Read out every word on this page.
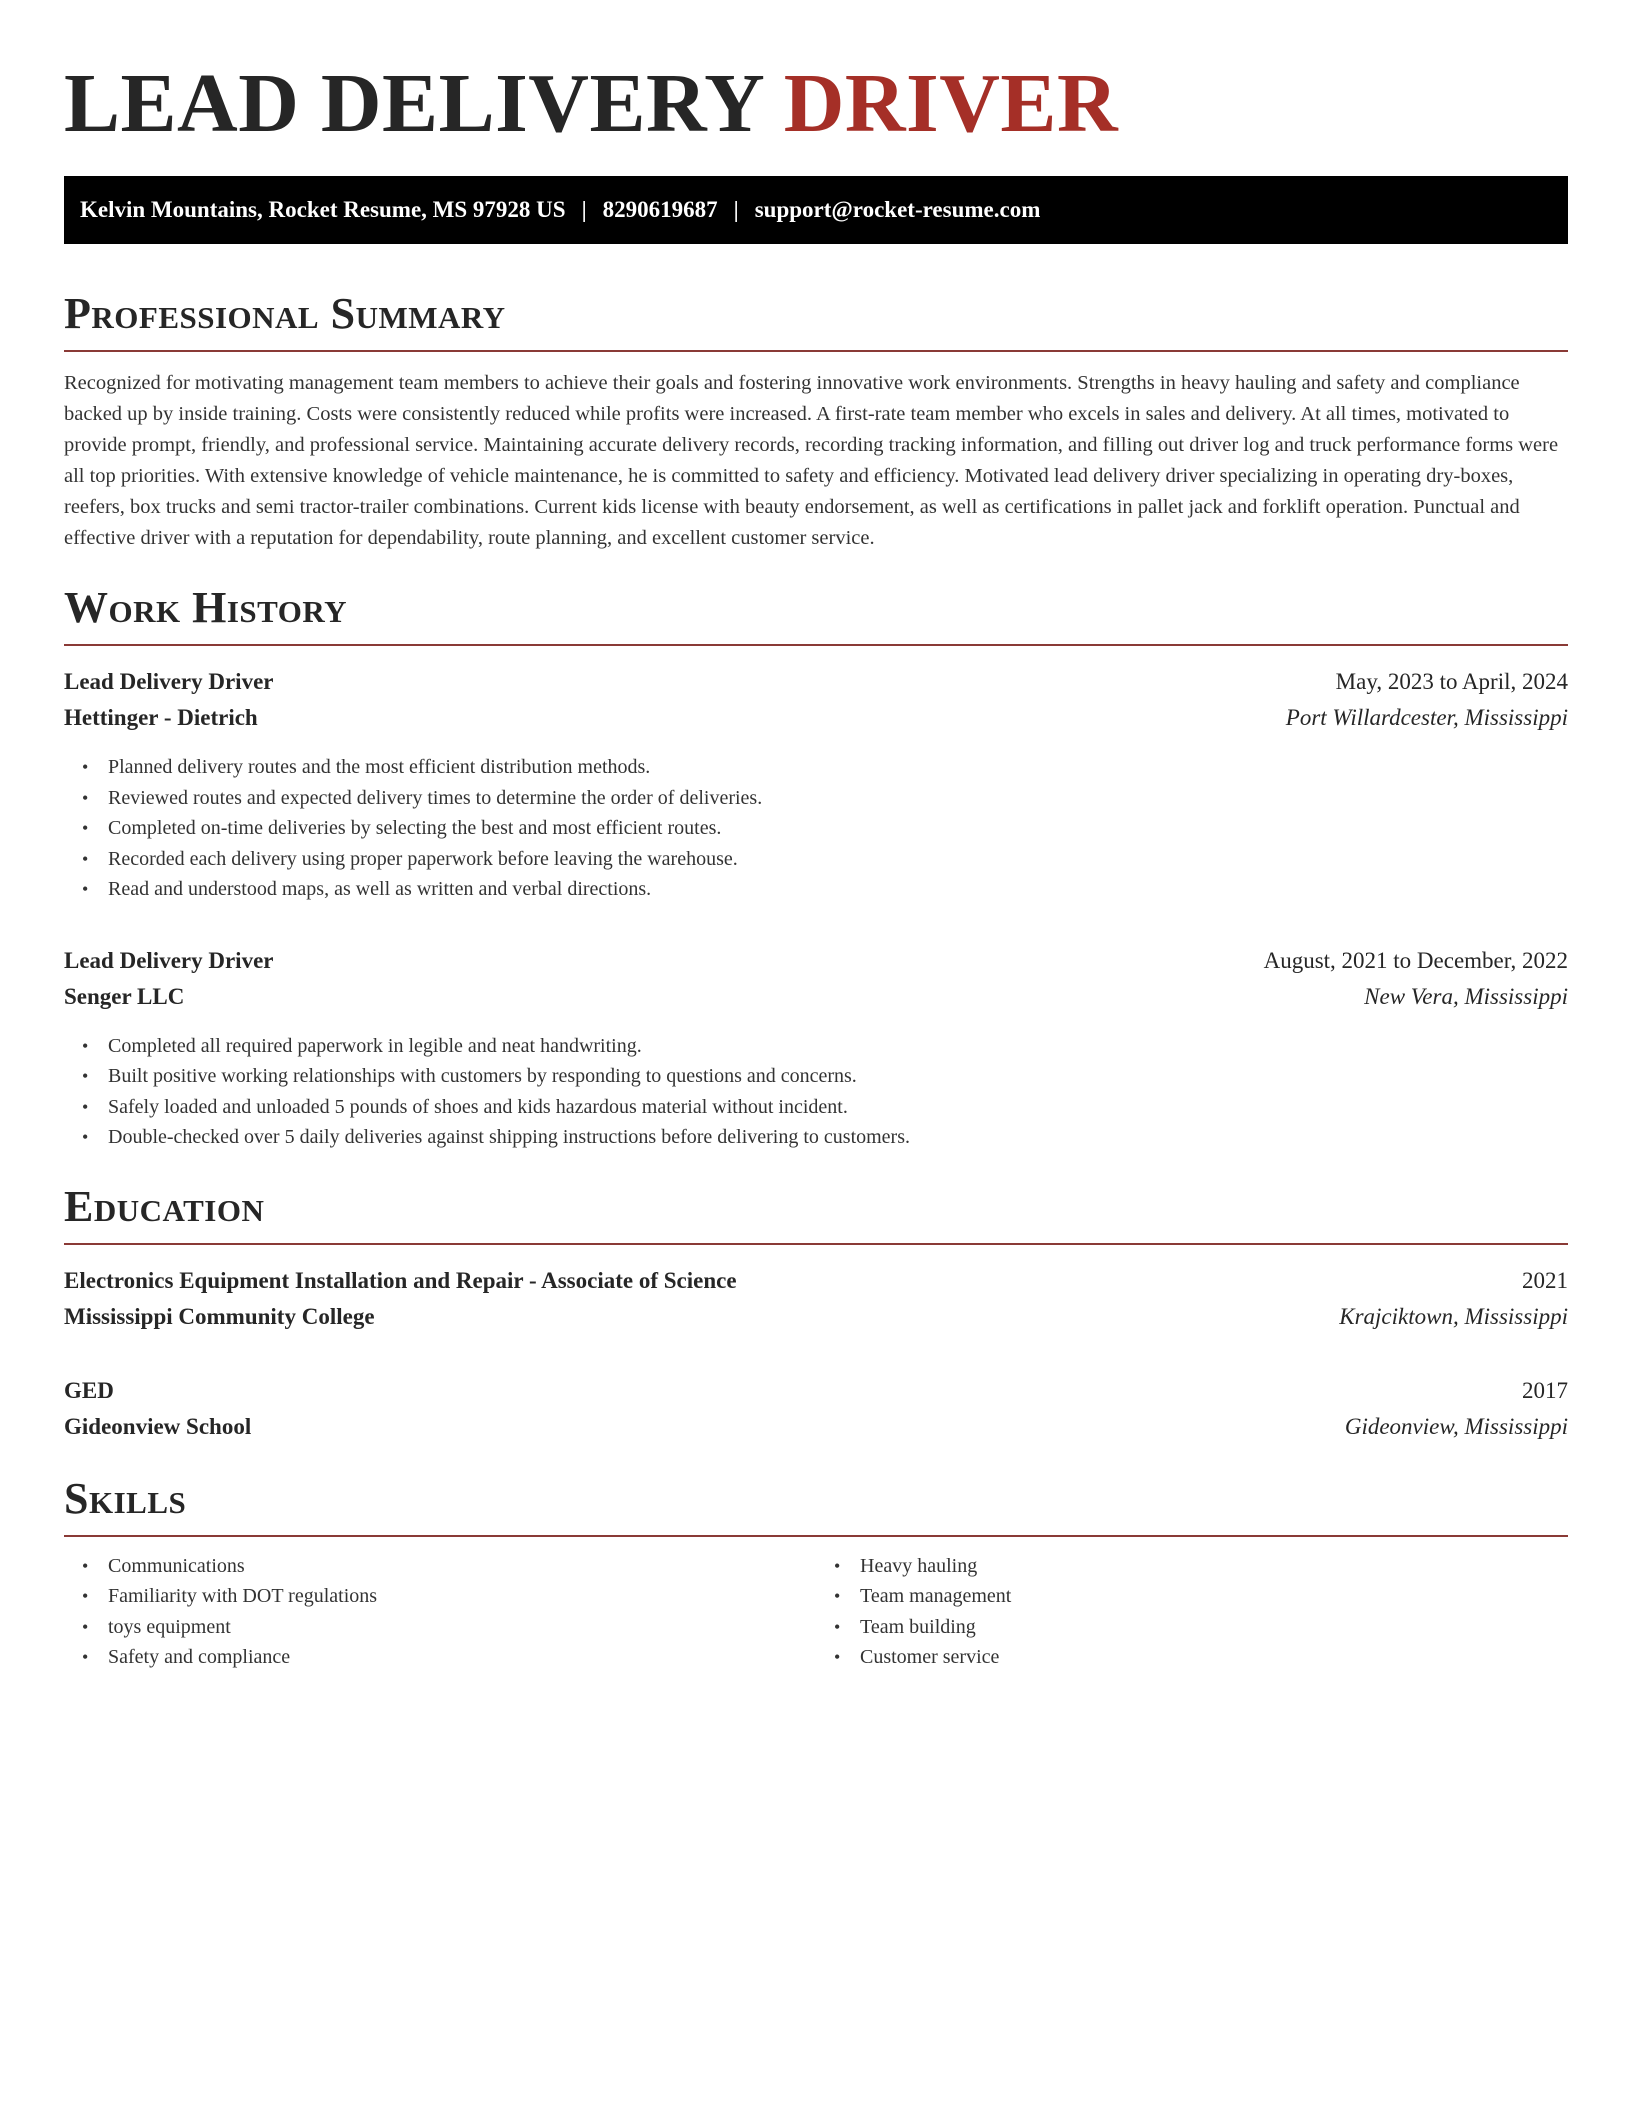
LEAD DELIVERY DRIVER
Kelvin Mountains, Rocket Resume, MS 97928 US | 8290619687 | support@rocket-resume.com
Professional Summary

Recognized for motivating management team members to achieve their goals and fostering innovative work environments. Strengths in heavy hauling and safety and compliance backed up by inside training. Costs were consistently reduced while profits were increased. A first-rate team member who excels in sales and delivery. At all times, motivated to provide prompt, friendly, and professional service. Maintaining accurate delivery records, recording tracking information, and filling out driver log and truck performance forms were all top priorities. With extensive knowledge of vehicle maintenance, he is committed to safety and efficiency. Motivated lead delivery driver specializing in operating dry-boxes, reefers, box trucks and semi tractor-trailer combinations. Current kids license with beauty endorsement, as well as certifications in pallet jack and forklift operation. Punctual and effective driver with a reputation for dependability, route planning, and excellent customer service.

Work History
Lead Delivery Driver	May, 2023 to April, 2024
Hettinger - Dietrich	Port Willardcester, Mississippi
• Planned delivery routes and the most efficient distribution methods.
• Reviewed routes and expected delivery times to determine the order of deliveries.
• Completed on-time deliveries by selecting the best and most efficient routes.
• Recorded each delivery using proper paperwork before leaving the warehouse.
• Read and understood maps, as well as written and verbal directions.
Lead Delivery Driver	August, 2021 to December, 2022
Senger LLC	New Vera, Mississippi
• Completed all required paperwork in legible and neat handwriting.
• Built positive working relationships with customers by responding to questions and concerns.
• Safely loaded and unloaded 5 pounds of shoes and kids hazardous material without incident.
• Double-checked over 5 daily deliveries against shipping instructions before delivering to customers.
Education
Electronics Equipment Installation and Repair - Associate of Science	2021
Mississippi Community College	Krajciktown, Mississippi
GED	2017
Gideonview School	Gideonview, Mississippi
Skills
• Communications
• Familiarity with DOT regulations
• toys equipment
• Safety and compliance
• Heavy hauling
• Team management
• Team building
• Customer service
